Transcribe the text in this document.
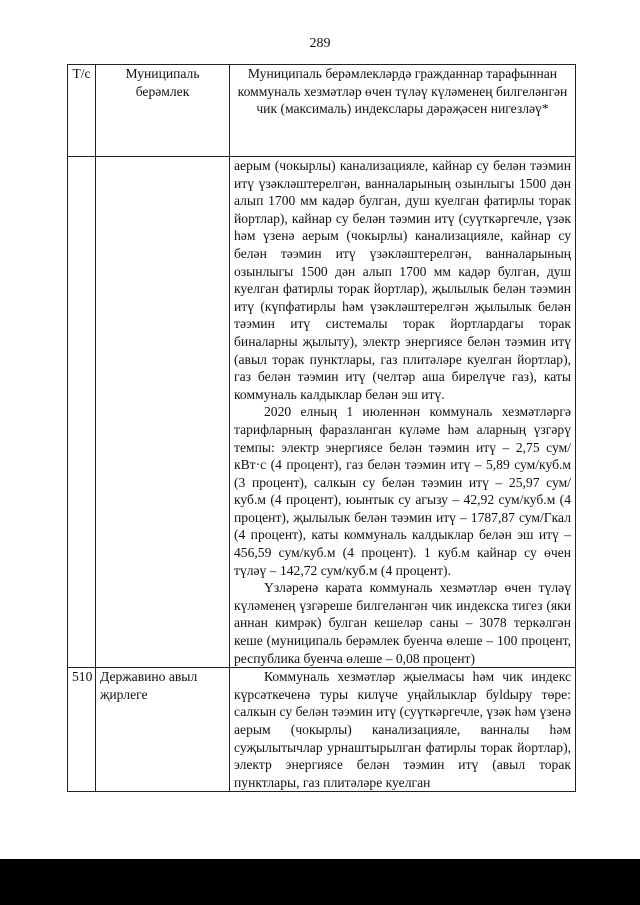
289
Т/с	Муниципаль берәмлек	Муниципаль берәмлекләрдә гражданнар тарафыннан коммуналь хезмәтләр өчен түләү күләменең билгеләнгән чик (максималь) индекслары дәрәҗәсен нигезләү*

		аерым (чокырлы) канализацияле, кайнар су белән тәэмин итү үзәкләштерелгән, ванналарының озынлыгы 1500 дән алып 1700 мм кадәр булган, душ куелган фатирлы торак йортлар), кайнар су белән тәэмин итү (суүткәргечле, үзәк һәм үзенә аерым (чокырлы) канализацияле, кайнар су белән тәэмин итү үзәкләштерелгән, ванналарының озынлыгы 1500 дән алып 1700 мм кадәр булган, душ куелган фатирлы торак йортлар), җылылык белән тәэмин итү (күпфатирлы һәм үзәкләштерелгән җылылык белән тәэмин итү системалы торак йортлардагы торак биналарны җылыту), электр энергиясе белән тәэмин итү (авыл торак пунктлары, газ плитәләре куелган йортлар), газ белән тәэмин итү (челтәр аша бирелүче газ), каты коммуналь калдыклар белән эш итү.

2020 елның 1 июленнән коммуналь хезмәтләргә тарифларның фаразланган күләме һәм аларның үзгәрү темпы: электр энергиясе белән тәэмин итү – 2,75 сум/кВт·с (4 процент), газ белән тәэмин итү – 5,89 сум/куб.м (3 процент), салкын су белән тәэмин итү – 25,97 сум/куб.м (4 процент), юынтык су агызу – 42,92 сум/куб.м (4 процент), җылылык белән тәэмин итү – 1787,87 сум/Гкал (4 процент), каты коммуналь калдыклар белән эш итү – 456,59 сум/куб.м (4 процент). 1 куб.м кайнар су өчен түләү – 142,72 сум/куб.м (4 процент).

Үзләренә карата коммуналь хезмәтләр өчен түләү күләменең үзгәреше билгеләнгән чик индекска тигез (яки аннан кимрәк) булган кешеләр саны – 3078 теркәлгән кеше (муниципаль берәмлек буенча өлеше – 100 процент, республика буенча өлеше – 0,08 процент)

510	Державино авыл җирлеге	Коммуналь хезмәтләр җыелмасы һәм чик индекс күрсәткеченә туры килүче уңайлыклар буldыру төре: салкын су белән тәэмин итү (суүткәргечле, үзәк һәм үзенә аерым (чокырлы) канализацияле, ванналы һәм суҗылытычлар урнаштырылган фатирлы торак йортлар), электр энергиясе белән тәэмин итү (авыл торак пунктлары, газ плитәләре куелган
